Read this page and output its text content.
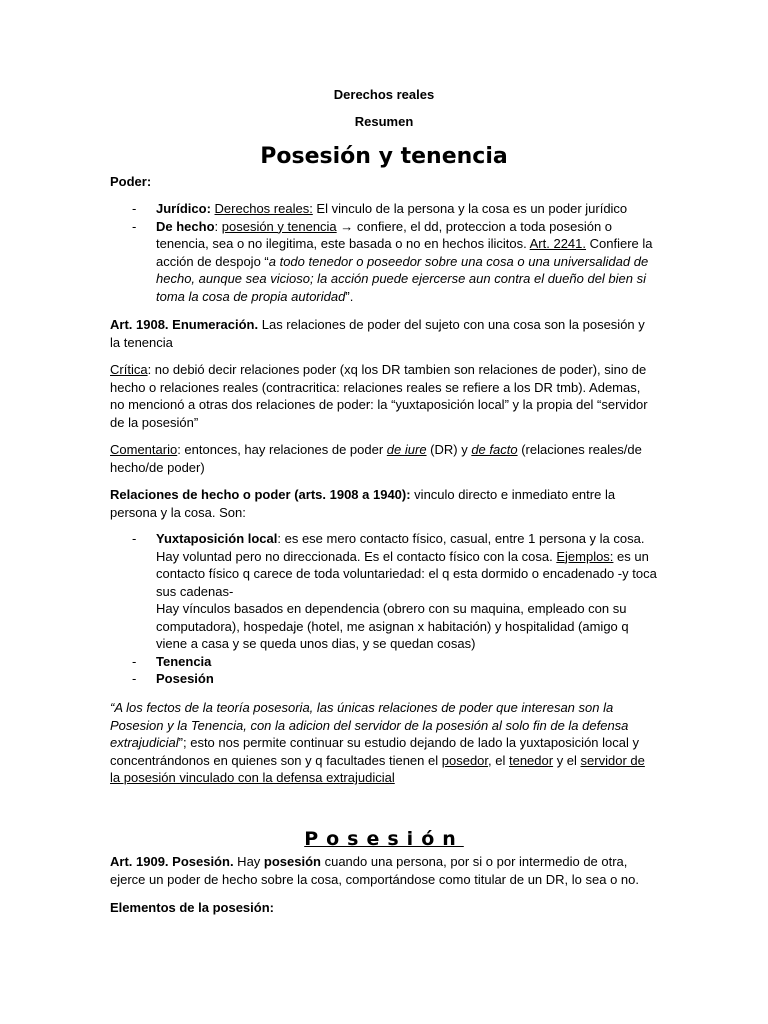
Derechos reales
Resumen
Posesión y tenencia
Poder:
- Jurídico: Derechos reales: El vinculo de la persona y la cosa es un poder jurídico
- De hecho: posesión y tenencia → confiere, el dd, proteccion a toda posesión o tenencia, sea o no ilegitima, este basada o no en hechos ilicitos. Art. 2241. Confiere la acción de despojo “a todo tenedor o poseedor sobre una cosa o una universalidad de hecho, aunque sea vicioso; la acción puede ejercerse aun contra el dueño del bien si toma la cosa de propia autoridad”.
Art. 1908. Enumeración. Las relaciones de poder del sujeto con una cosa son la posesión y la tenencia
Crítica: no debió decir relaciones poder (xq los DR tambien son relaciones de poder), sino de hecho o relaciones reales (contracritica: relaciones reales se refiere a los DR tmb). Ademas, no mencionó a otras dos relaciones de poder: la “yuxtaposición local” y la propia del “servidor de la posesión”
Comentario: entonces, hay relaciones de poder de iure (DR) y de facto (relaciones reales/de hecho/de poder)
Relaciones de hecho o poder (arts. 1908 a 1940): vinculo directo e inmediato entre la persona y la cosa. Son:
- Yuxtaposición local: es ese mero contacto físico, casual, entre 1 persona y la cosa. Hay voluntad pero no direccionada. Es el contacto físico con la cosa. Ejemplos: es un contacto físico q carece de toda voluntariedad: el q esta dormido o encadenado -y toca sus cadenas-
Hay vínculos basados en dependencia (obrero con su maquina, empleado con su computadora), hospedaje (hotel, me asignan x habitación) y hospitalidad (amigo q viene a casa y se queda unos dias, y se quedan cosas)
- Tenencia
- Posesión
“A los fectos de la teoría posesoria, las únicas relaciones de poder que interesan son la Posesion y la Tenencia, con la adicion del servidor de la posesión al solo fin de la defensa extrajudicial”; esto nos permite continuar su estudio dejando de lado la yuxtaposición local y concentrándonos en quienes son y q facultades tienen el posedor, el tenedor y el servidor de la posesión vinculado con la defensa extrajudicial
Posesión
Art. 1909. Posesión. Hay posesión cuando una persona, por si o por intermedio de otra, ejerce un poder de hecho sobre la cosa, comportándose como titular de un DR, lo sea o no.
Elementos de la posesión:
